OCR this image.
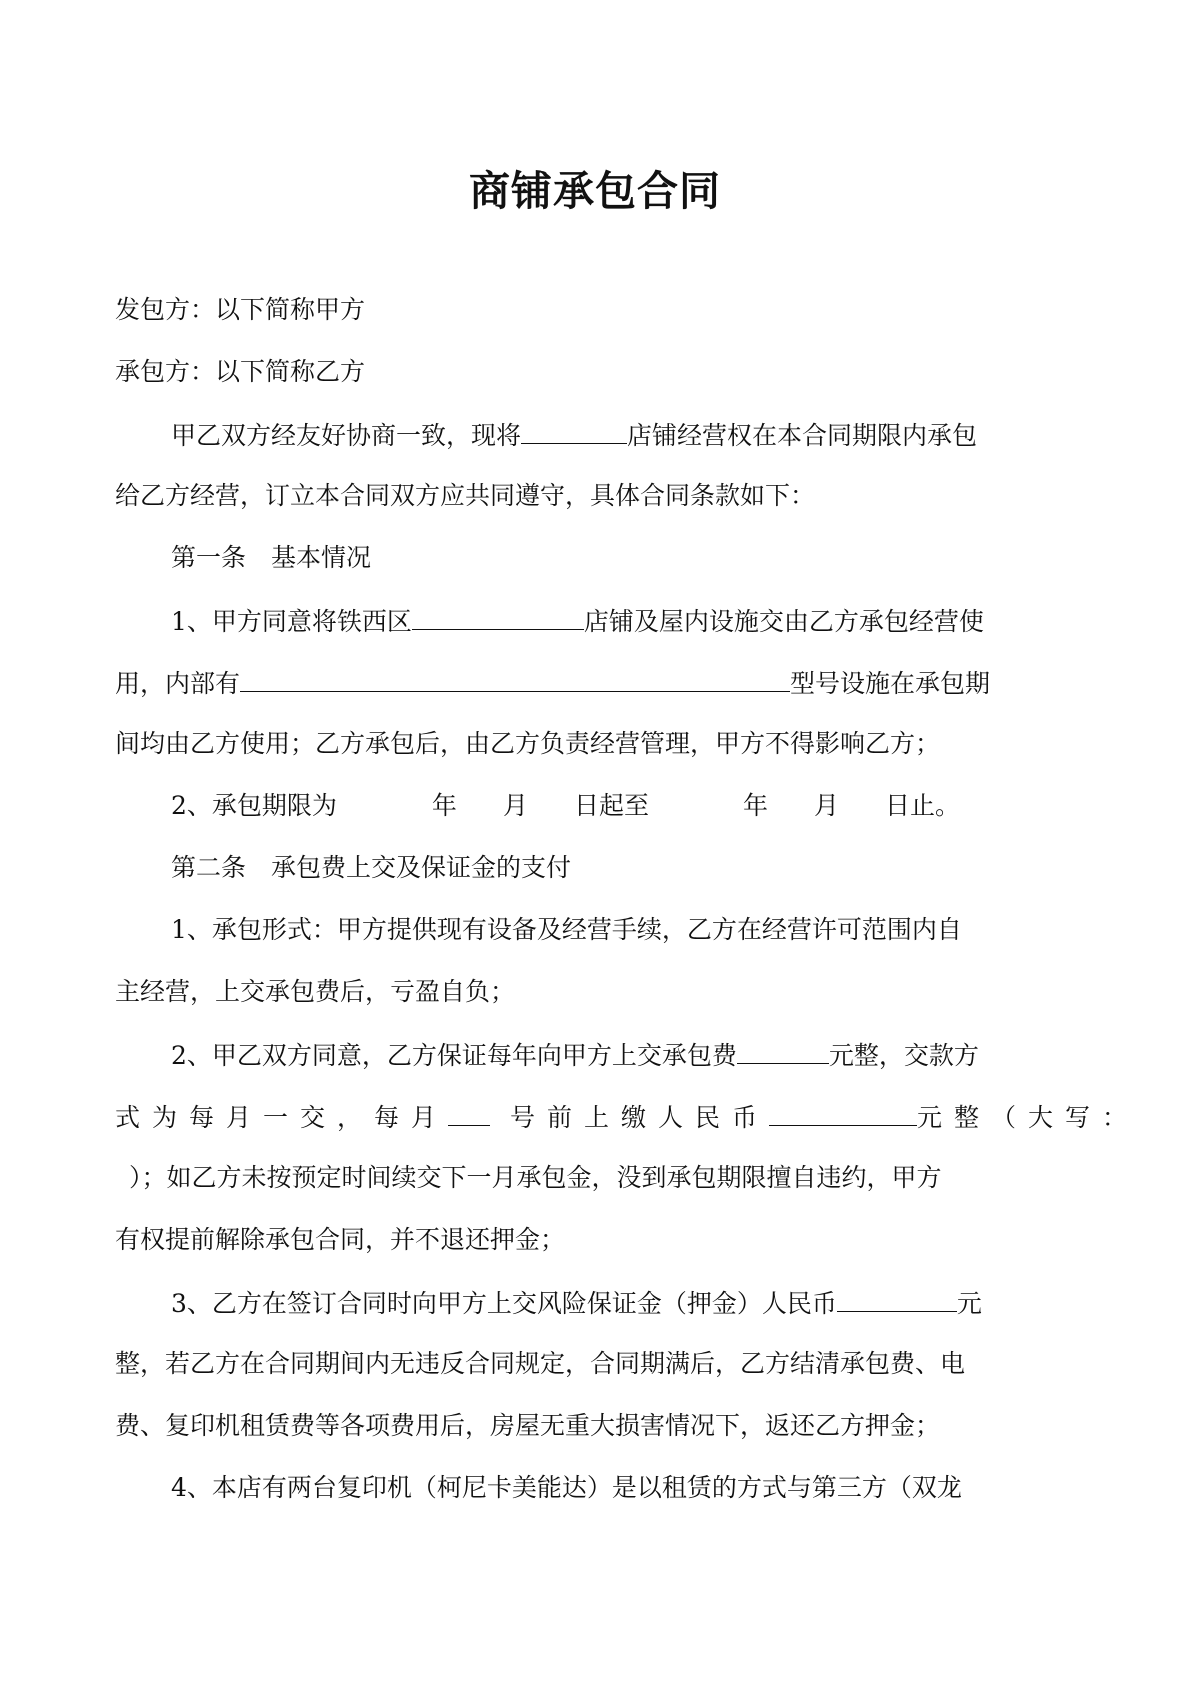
商铺承包合同
发包方：以下简称甲方
承包方：以下简称乙方
甲乙双方经友好协商一致，现将	店铺经营权在本合同期限内承包
给乙方经营，订立本合同双方应共同遵守，具体合同条款如下：
第一条　基本情况
1、甲方同意将铁西区	店铺及屋内设施交由乙方承包经营使
用，内部有	型号设施在承包期
间均由乙方使用；乙方承包后，由乙方负责经营管理，甲方不得影响乙方；
2、承包期限为	年 月 日起至	年 月 日止。
第二条　承包费上交及保证金的支付
1、承包形式：甲方提供现有设备及经营手续，乙方在经营许可范围内自
主经营，上交承包费后，亏盈自负；
2、甲乙双方同意，乙方保证每年向甲方上交承包费	元整，交款方
式为每月一交，每月 号前上缴人民币	元整（大写：
）；如乙方未按预定时间续交下一月承包金，没到承包期限擅自违约，甲方
有权提前解除承包合同，并不退还押金；
3、乙方在签订合同时向甲方上交风险保证金（押金）人民币	元
整，若乙方在合同期间内无违反合同规定，合同期满后，乙方结清承包费、电
费、复印机租赁费等各项费用后，房屋无重大损害情况下，返还乙方押金；
4、本店有两台复印机（柯尼卡美能达）是以租赁的方式与第三方（双龙
